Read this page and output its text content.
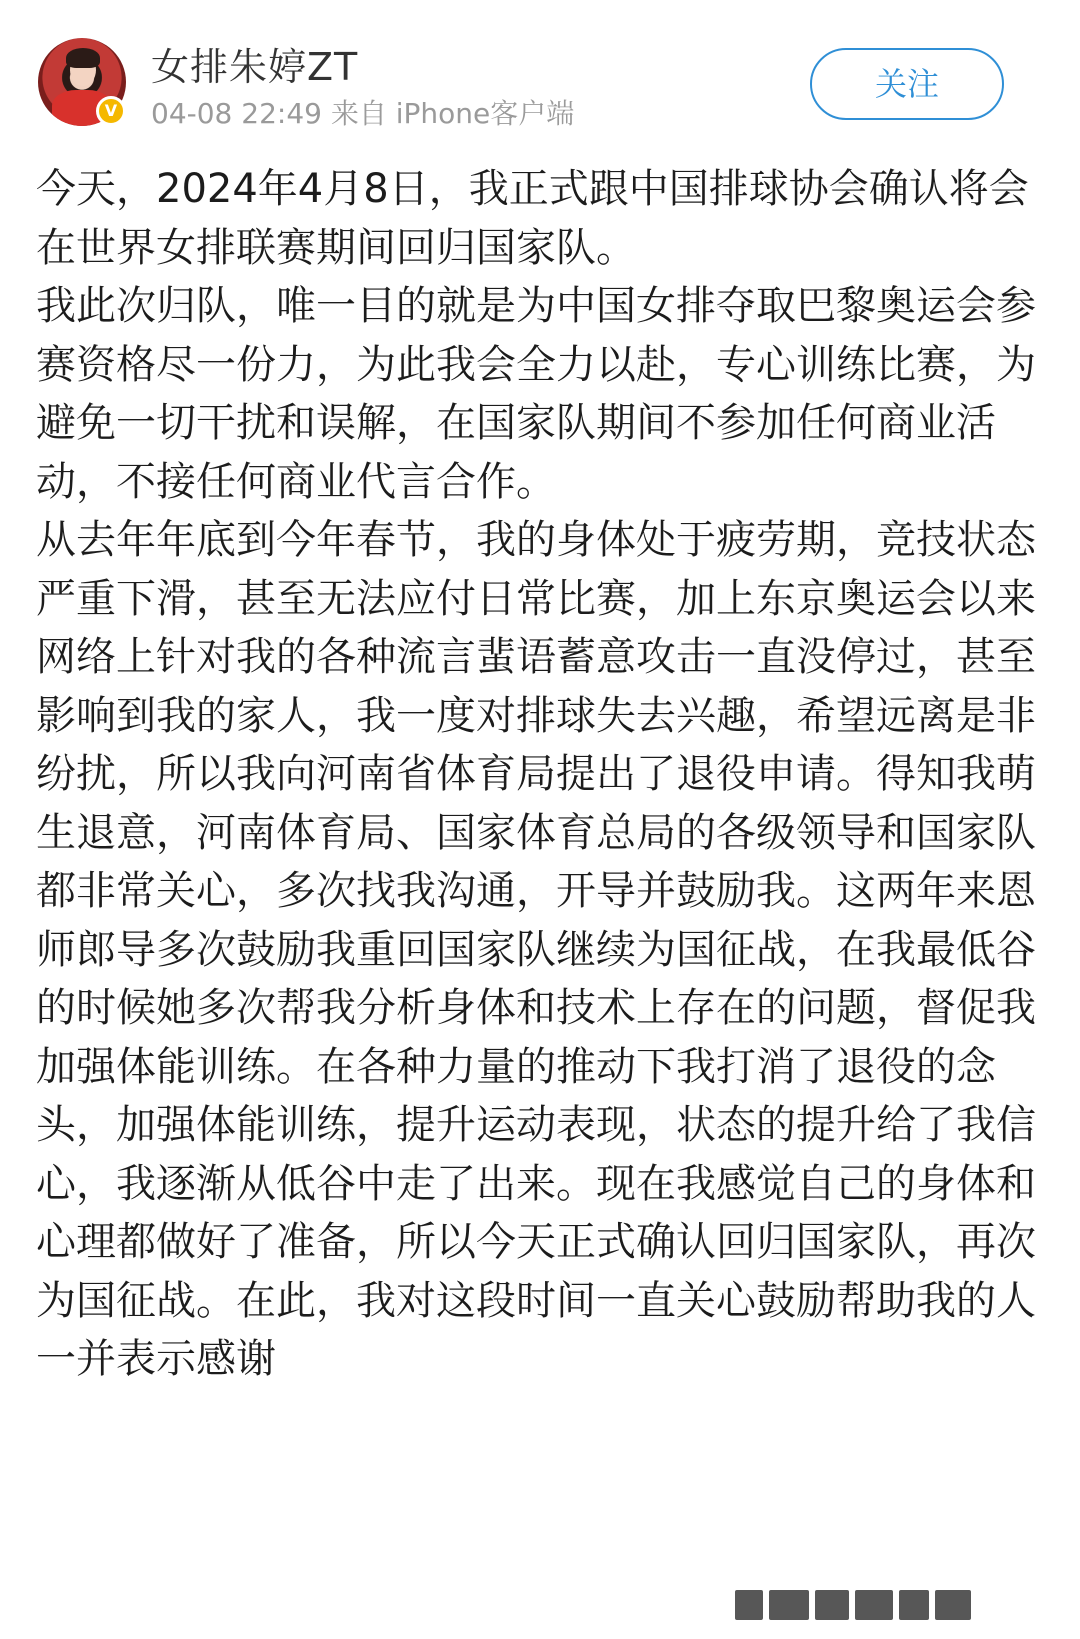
V
女排朱婷ZT
04-08 22:49 来自 iPhone客户端
关注

今天，2024年4月8日，我正式跟中国排球协会确认将会在世界女排联赛期间回归国家队。

我此次归队，唯一目的就是为中国女排夺取巴黎奥运会参赛资格尽一份力，为此我会全力以赴，专心训练比赛，为避免一切干扰和误解，在国家队期间不参加任何商业活动，不接任何商业代言合作。

从去年年底到今年春节，我的身体处于疲劳期，竞技状态严重下滑，甚至无法应付日常比赛，加上东京奥运会以来网络上针对我的各种流言蜚语蓄意攻击一直没停过，甚至影响到我的家人，我一度对排球失去兴趣，希望远离是非纷扰，所以我向河南省体育局提出了退役申请。得知我萌生退意，河南体育局、国家体育总局的各级领导和国家队都非常关心，多次找我沟通，开导并鼓励我。这两年来恩师郎导多次鼓励我重回国家队继续为国征战，在我最低谷的时候她多次帮我分析身体和技术上存在的问题，督促我加强体能训练。在各种力量的推动下我打消了退役的念头，加强体能训练，提升运动表现，状态的提升给了我信心，我逐渐从低谷中走了出来。现在我感觉自己的身体和心理都做好了准备，所以今天正式确认回归国家队，再次为国征战。在此，我对这段时间一直关心鼓励帮助我的人一并表示感谢
